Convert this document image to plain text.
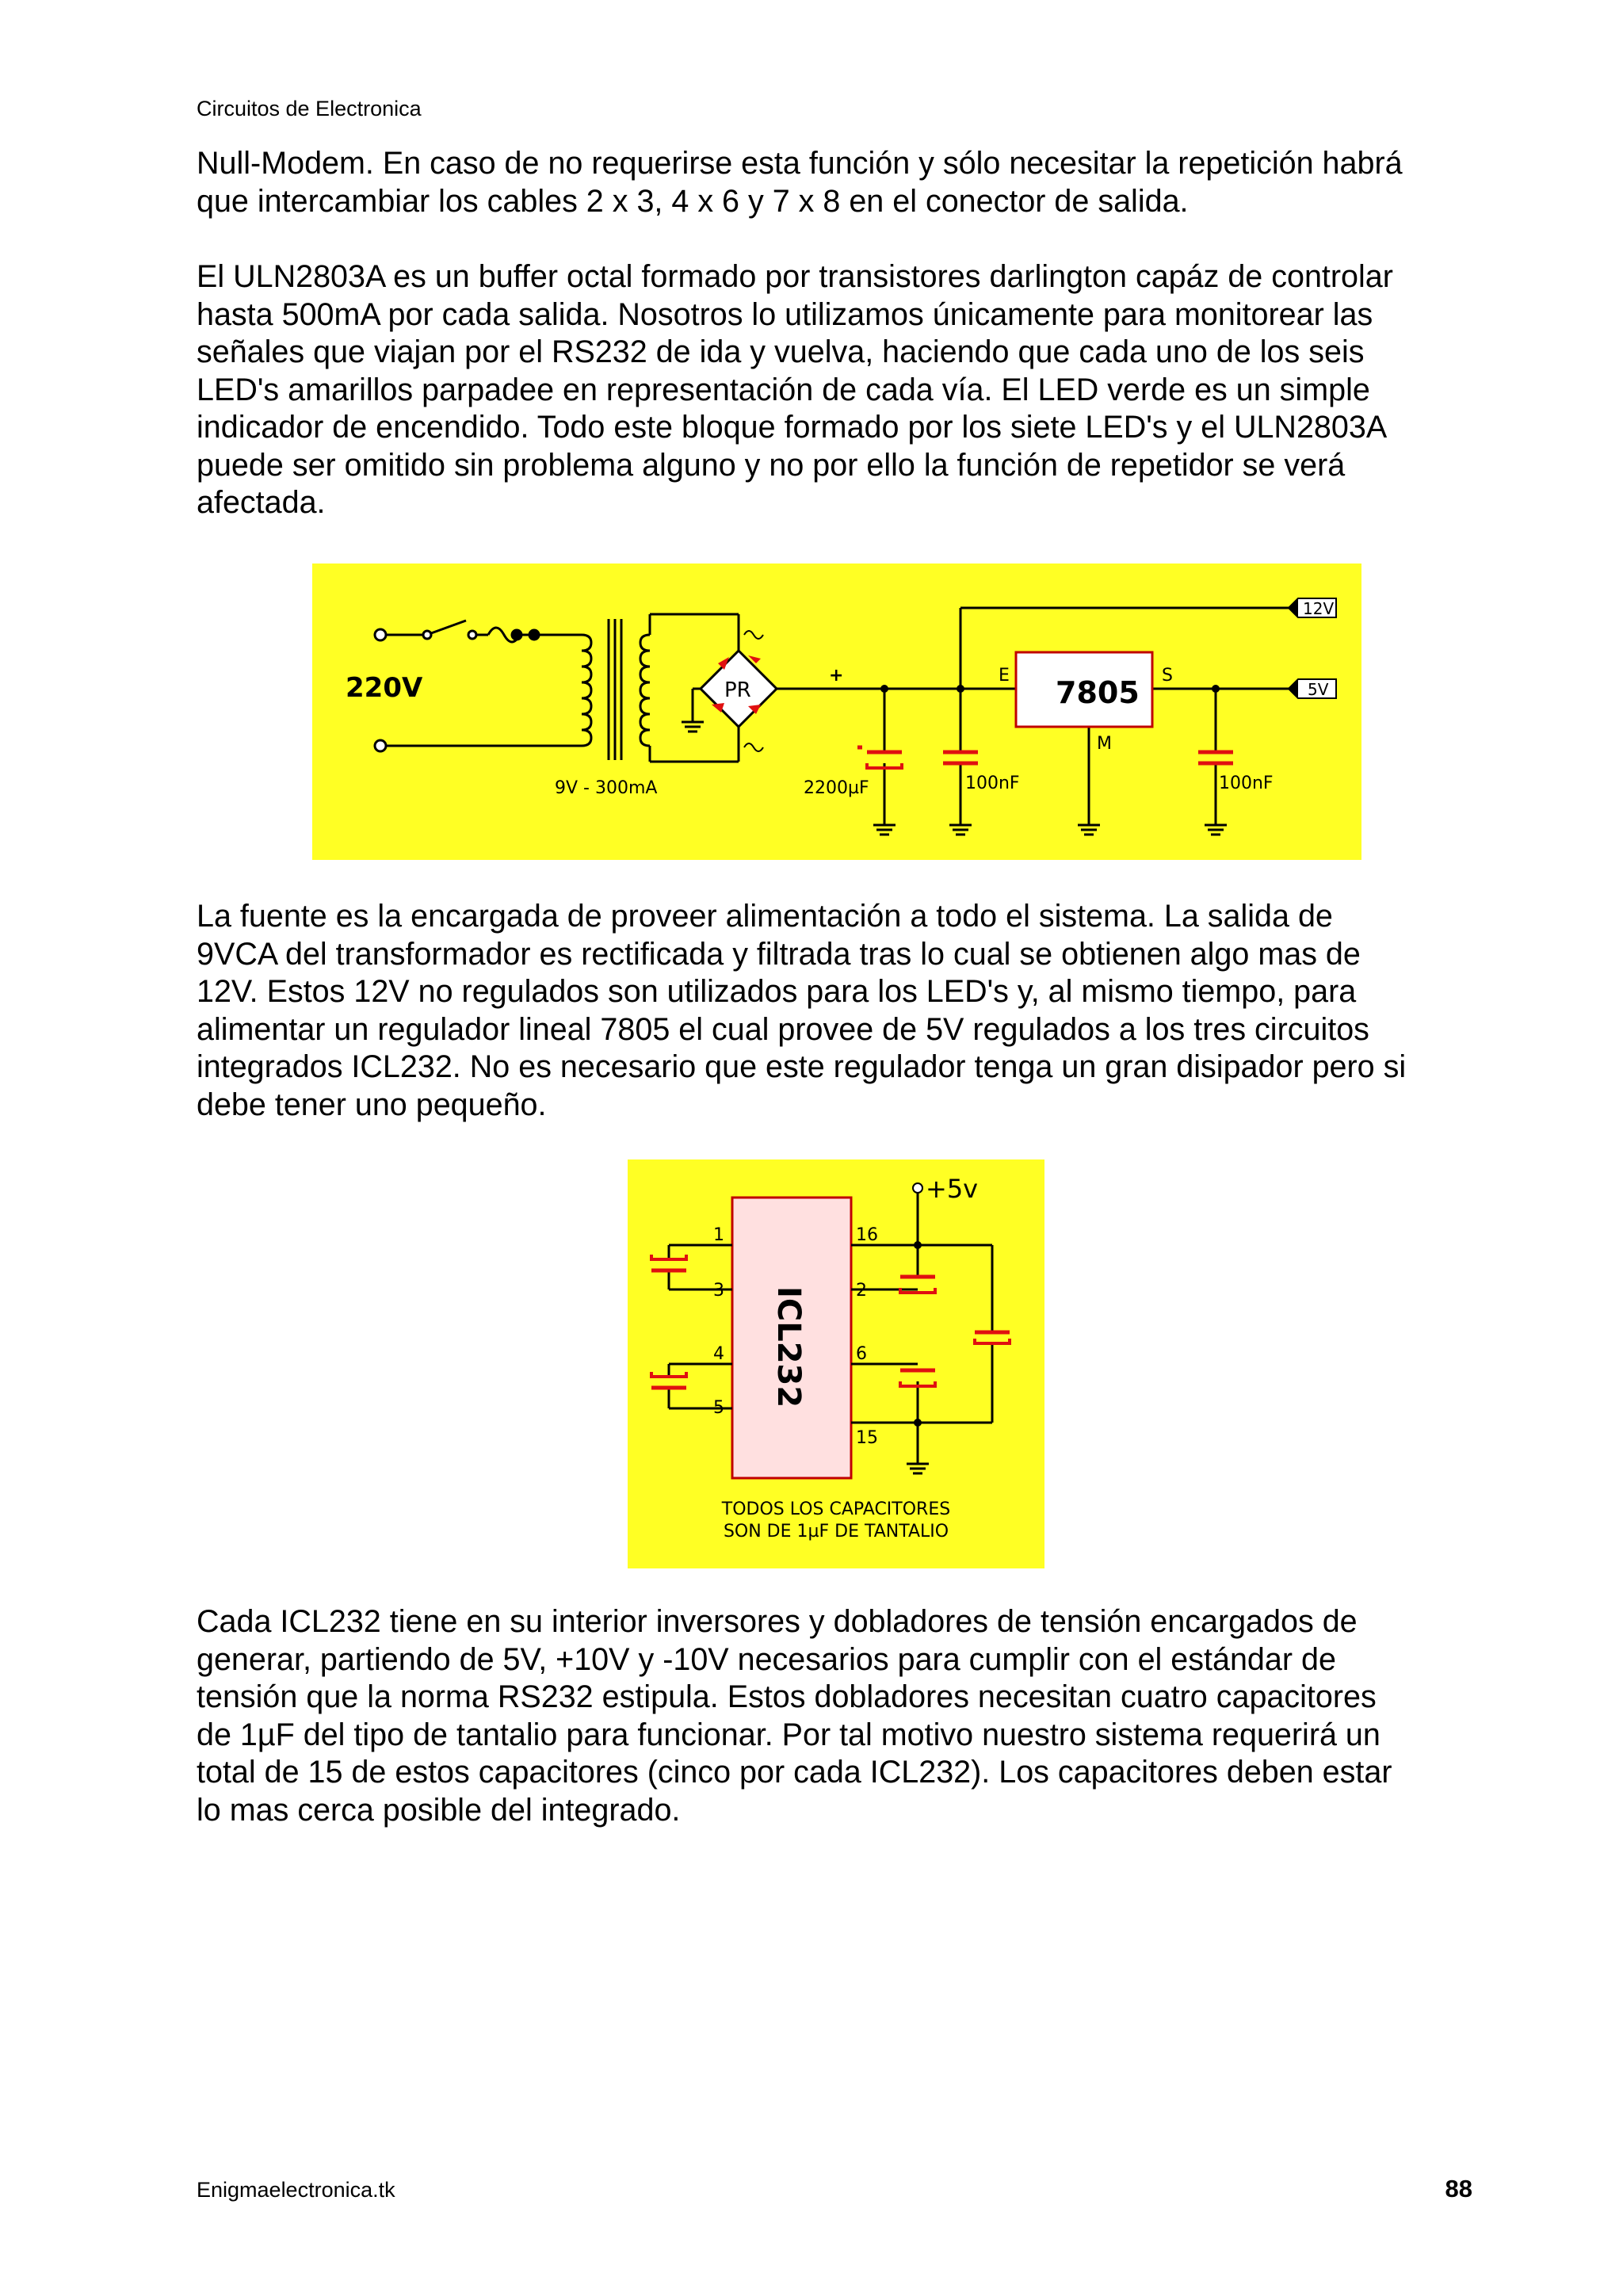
Circuitos de Electronica

Null-Modem. En caso de no requerirse esta función y sólo necesitar la repetición habrá
que intercambiar los cables 2 x 3, 4 x 6 y 7 x 8 en el conector de salida.

El ULN2803A es un buffer octal formado por transistores darlington capáz de controlar
hasta 500mA por cada salida. Nosotros lo utilizamos únicamente para monitorear las
señales que viajan por el RS232 de ida y vuelva, haciendo que cada uno de los seis
LED's amarillos parpadee en representación de cada vía. El LED verde es un simple
indicador de encendido. Todo este bloque formado por los siete LED's y el ULN2803A
puede ser omitido sin problema alguno y no por ello la función de repetidor se verá
afectada.

220V
9V - 300mA
PR
+	7805
E	S
M
2200µF	100nF	100nF
12V
5V

La fuente es la encargada de proveer alimentación a todo el sistema. La salida de
9VCA del transformador es rectificada y filtrada tras lo cual se obtienen algo mas de
12V. Estos 12V no regulados son utilizados para los LED's y, al mismo tiempo, para
alimentar un regulador lineal 7805 el cual provee de 5V regulados a los tres circuitos
integrados ICL232. No es necesario que este regulador tenga un gran disipador pero si
debe tener uno pequeño.

ICL232
+5v
1
3
4
5
16
2
6
15
TODOS LOS CAPACITORES
SON DE 1µF DE TANTALIO

Cada ICL232 tiene en su interior inversores y dobladores de tensión encargados de
generar, partiendo de 5V, +10V y -10V necesarios para cumplir con el estándar de
tensión que la norma RS232 estipula. Estos dobladores necesitan cuatro capacitores
de 1µF del tipo de tantalio para funcionar. Por tal motivo nuestro sistema requerirá un
total de 15 de estos capacitores (cinco por cada ICL232). Los capacitores deben estar
lo mas cerca posible del integrado.

Enigmaelectronica.tk	88
